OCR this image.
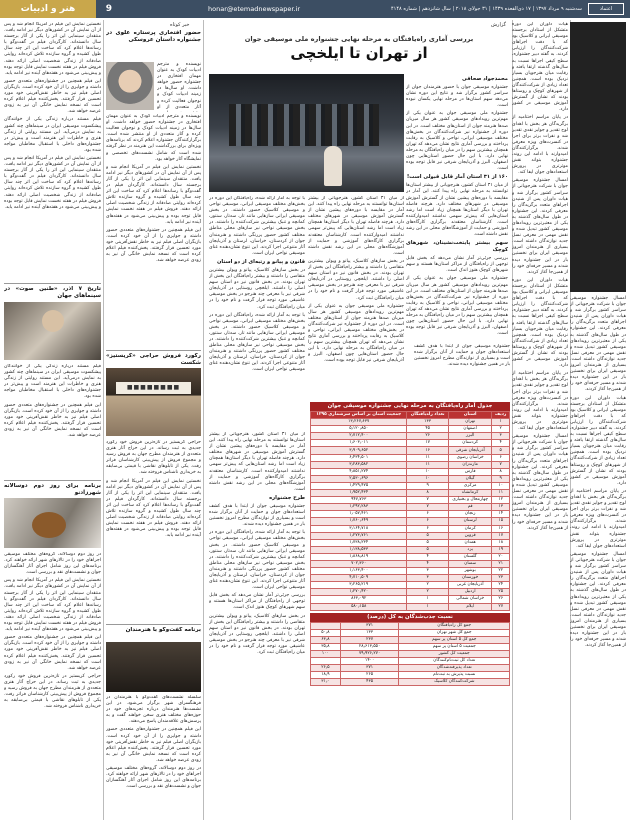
هنر و ادبیات	9	honar@etemadnewspaper.ir	سه‌شنبه ۹ مرداد ۱۳۹۷ | ۱۷ ذی‌القعده ۱۴۳۹ | ۳۱ جولای ۲۰۱۸ | سال شانزدهم | شماره ۴۱۴۸	اعتماد
امسال جشنواره موسیقی جوان با شرکت هنرجویانی از سراسر کشور برگزار شد و هیات داوران پس از شنیدن اجراهای متعدد برگزیدگان را معرفی کردند. این جشنواره در طول سال‌های گذشته به یکی از معتبرترین رویدادهای موسیقی کشور تبدیل شده و نقش مهمی در معرفی نسل جدید نوازندگان داشته است. بسیاری از هنرمندان امروز موسیقی ایران برای نخستین بار در این جشنواره دیده شدند و مسیر حرفه‌ای خود را از همین‌جا آغاز کردند.
هیات داوران این دوره متشکل از استادان برجسته موسیقی ایرانی و کلاسیک بود که با دقت اجراهای شرکت‌کنندگان را ارزیابی کردند. به گفته دبیر جشنواره، سطح کیفی اجراها نسبت به سال‌های گذشته ارتقا یافته و رقابت میان هنرجویان بسیار نزدیک بوده است. همچنین تعداد زیادی از شرکت‌کنندگان از شهرهای کوچک و روستاها بودند که نشان از گسترش آموزش موسیقی در کشور دارد.
در پایان مراسم اختتامیه از برگزیدگان هر بخش با اهدای لوح تقدیر و جوایز نقدی تقدیر شد و نفرات برتر برای اجرا در کنسرت‌های ویژه معرفی شدند. برگزارکنندگان امیدوارند با ادامه این روند، جشنواره بتواند نقش موثرتری در پرورش استعدادهای جوان ایفا کند.
امسال جشنواره موسیقی جوان با شرکت هنرجویانی از سراسر کشور برگزار شد و هیات داوران پس از شنیدن اجراهای متعدد برگزیدگان را معرفی کردند. این جشنواره در طول سال‌های گذشته به یکی از معتبرترین رویدادهای موسیقی کشور تبدیل شده و نقش مهمی در معرفی نسل جدید نوازندگان داشته است. بسیاری از هنرمندان امروز موسیقی ایران برای نخستین بار در این جشنواره دیده شدند و مسیر حرفه‌ای خود را از همین‌جا آغاز کردند.
هیات داوران این دوره متشکل از استادان برجسته موسیقی ایرانی و کلاسیک بود که با دقت اجراهای شرکت‌کنندگان را ارزیابی کردند. به گفته دبیر جشنواره، سطح کیفی اجراها نسبت به سال‌های گذشته ارتقا یافته و رقابت میان هنرجویان بسیار نزدیک بوده است. همچنین تعداد زیادی از شرکت‌کنندگان از شهرهای کوچک و روستاها بودند که نشان از گسترش آموزش موسیقی در کشور دارد.
در پایان مراسم اختتامیه از برگزیدگان هر بخش با اهدای لوح تقدیر و جوایز نقدی تقدیر شد و نفرات برتر برای اجرا در کنسرت‌های ویژه معرفی شدند. برگزارکنندگان امیدوارند با ادامه این روند، جشنواره بتواند نقش موثرتری در پرورش استعدادهای جوان ایفا کند.
امسال جشنواره موسیقی جوان با شرکت هنرجویانی از سراسر کشور برگزار شد و هیات داوران پس از شنیدن اجراهای متعدد برگزیدگان را معرفی کردند. این جشنواره در طول سال‌های گذشته به یکی از معتبرترین رویدادهای موسیقی کشور تبدیل شده و نقش مهمی در معرفی نسل جدید نوازندگان داشته است. بسیاری از هنرمندان امروز موسیقی ایران برای نخستین بار در این جشنواره دیده شدند و مسیر حرفه‌ای خود را از همین‌جا آغاز کردند.
هیات داوران این دوره متشکل از استادان برجسته موسیقی ایرانی و کلاسیک بود که با دقت اجراهای شرکت‌کنندگان را ارزیابی کردند. به گفته دبیر جشنواره، سطح کیفی اجراها نسبت به سال‌های گذشته ارتقا یافته و رقابت میان هنرجویان بسیار نزدیک بوده است. همچنین تعداد زیادی از شرکت‌کنندگان از شهرهای کوچک و روستاها بودند که نشان از گسترش آموزش موسیقی در کشور دارد.
در پایان مراسم اختتامیه از برگزیدگان هر بخش با اهدای لوح تقدیر و جوایز نقدی تقدیر شد و نفرات برتر برای اجرا در کنسرت‌های ویژه معرفی شدند. برگزارکنندگان امیدوارند با ادامه این روند، جشنواره بتواند نقش موثرتری در پرورش استعدادهای جوان ایفا کند.
امسال جشنواره موسیقی جوان با شرکت هنرجویانی از سراسر کشور برگزار شد و هیات داوران پس از شنیدن اجراهای متعدد برگزیدگان را معرفی کردند. این جشنواره در طول سال‌های گذشته به یکی از معتبرترین رویدادهای موسیقی کشور تبدیل شده و نقش مهمی در معرفی نسل جدید نوازندگان داشته است. بسیاری از هنرمندان امروز موسیقی ایران برای نخستین بار در این جشنواره دیده شدند و مسیر حرفه‌ای خود را از همین‌جا آغاز کردند.
گزارش
بررسی آماری راه‌یافتگان به مرحله نهایی جشنواره ملی موسیقی جوان
از تهران تا ایلخچی
محمدجواد صحافی
جشنواره موسیقی جوان با حضور هنرمندان جوان از سراسر کشور برگزار شد و نتایج این دوره نشان می‌دهد سهم استان‌ها در مرحله نهایی یکسان نبوده است.
جشنواره ملی موسیقی جوان به عنوان یکی از مهم‌ترین رویدادهای موسیقی کشور هر سال میزبان صدها هنرمند جوان از استان‌های مختلف است. در این دوره از جشنواره نیز شرکت‌کنندگان در بخش‌های مختلف موسیقی ایرانی، نواحی و کلاسیک به رقابت پرداختند و بررسی آماری نتایج نشان می‌دهد که تهران همچنان بیشترین سهم را در میان راه‌یافتگان به مرحله نهایی دارد. با این حال حضور استان‌هایی چون اصفهان، البرز و آذربایجان شرقی نیز قابل توجه بوده است.
۱۶۰ از ۳۱ استان آمار قابل قبولی است!
از میان ۳۱ استان کشور، هنرجویانی از بیشتر استان‌ها توانستند به مرحله نهایی راه پیدا کنند. این آمار در مقایسه با دوره‌های پیشین نشان از گسترش آموزش موسیقی در شهرهای مختلف دارد. هرچند فاصله تهران با دیگر استان‌ها همچنان زیاد است اما رشد استان‌هایی که پیش‌تر سهمی نداشتند امیدوارکننده است. کارشناسان معتقدند برگزاری کارگاه‌های آموزشی و حمایت از آموزشگاه‌های محلی در این رشد نقش داشته است.
سهم بیشتر پایتخت‌نشینان، شهرهای کوچک
بررسی جزئی‌تر آمار نشان می‌دهد که بخش قابل توجهی از راه‌یافتگان از مراکز استان‌ها هستند و سهم شهرهای کوچک هنوز اندک است.
جشنواره ملی موسیقی جوان به عنوان یکی از مهم‌ترین رویدادهای موسیقی کشور هر سال میزبان صدها هنرمند جوان از استان‌های مختلف است. در این دوره از جشنواره نیز شرکت‌کنندگان در بخش‌های مختلف موسیقی ایرانی، نواحی و کلاسیک به رقابت پرداختند و بررسی آماری نتایج نشان می‌دهد که تهران همچنان بیشترین سهم را در میان راه‌یافتگان به مرحله نهایی دارد. با این حال حضور استان‌هایی چون اصفهان، البرز و آذربایجان شرقی نیز قابل توجه بوده است.
با توجه به آمار ارائه شده، راه‌یافتگان این دوره در بخش‌های مختلف موسیقی ایرانی، موسیقی نواحی و موسیقی کلاسیک حضور داشتند. در بخش موسیقی ایرانی سازهایی مانند تار، سه‌تار، سنتور، کمانچه و تنبک بیشترین شرکت‌کننده را داشتند. در بخش موسیقی نواحی نیز سازهای محلی مناطق مختلف کشور حضور پررنگی داشتند و هنرمندان جوان از کردستان، خراسان، لرستان و آذربایجان آثار متنوعی اجرا کردند. این تنوع نشان‌دهنده غنای موسیقی نواحی ایران است.
قانون و پیانو و رتبه‌ای از دو استان
در بخش سازهای کلاسیک، پیانو و ویولن بیشترین متقاضی را داشتند و بیشتر راه‌یافتگان این بخش از تهران بودند. در بخش قانون نیز دو استان سهم اصلی را داشتند. ایلخچی روستایی در آذربایجان شرقی نیز با معرفی چند هنرجو در بخش موسیقی عاشیقی مورد توجه قرار گرفت و نام خود را در میان راه‌یافتگان ثبت کرد.
با توجه به آمار ارائه شده، راه‌یافتگان این دوره در بخش‌های مختلف موسیقی ایرانی، موسیقی نواحی و موسیقی کلاسیک حضور داشتند. در بخش موسیقی ایرانی سازهایی مانند تار، سه‌تار، سنتور، کمانچه و تنبک بیشترین شرکت‌کننده را داشتند. در بخش موسیقی نواحی نیز سازهای محلی مناطق مختلف کشور حضور پررنگی داشتند و هنرمندان جوان از کردستان، خراسان، لرستان و آذربایجان آثار متنوعی اجرا کردند. این تنوع نشان‌دهنده غنای موسیقی نواحی ایران است.
از میان ۳۱ استان کشور، هنرجویانی از بیشتر استان‌ها توانستند به مرحله نهایی راه پیدا کنند. این آمار در مقایسه با دوره‌های پیشین نشان از گسترش آموزش موسیقی در شهرهای مختلف دارد. هرچند فاصله تهران با دیگر استان‌ها همچنان زیاد است اما رشد استان‌هایی که پیش‌تر سهمی نداشتند امیدوارکننده است. کارشناسان معتقدند برگزاری کارگاه‌های آموزشی و حمایت از آموزشگاه‌های محلی در این رشد نقش داشته است.
در بخش سازهای کلاسیک، پیانو و ویولن بیشترین متقاضی را داشتند و بیشتر راه‌یافتگان این بخش از تهران بودند. در بخش قانون نیز دو استان سهم اصلی را داشتند. ایلخچی روستایی در آذربایجان شرقی نیز با معرفی چند هنرجو در بخش موسیقی عاشیقی مورد توجه قرار گرفت و نام خود را در میان راه‌یافتگان ثبت کرد.
جشنواره ملی موسیقی جوان به عنوان یکی از مهم‌ترین رویدادهای موسیقی کشور هر سال میزبان صدها هنرمند جوان از استان‌های مختلف است. در این دوره از جشنواره نیز شرکت‌کنندگان در بخش‌های مختلف موسیقی ایرانی، نواحی و کلاسیک به رقابت پرداختند و بررسی آماری نتایج نشان می‌دهد که تهران همچنان بیشترین سهم را در میان راه‌یافتگان به مرحله نهایی دارد. با این حال حضور استان‌هایی چون اصفهان، البرز و آذربایجان شرقی نیز قابل توجه بوده است.
جشنواره موسیقی جوان از ابتدا با هدف کشف استعدادهای جوان و حمایت از آنان برگزار شده است و بسیاری از نوازندگان مطرح امروز نخستین بار در همین جشنواره دیده شدند.
جدول آمار راه‌یافتگان به مرحله نهایی جشنواره موسیقی جوان
ردیف	استان	تعداد راه‌یافتگان	جمعیت استان بر اساس سرشماری ۱۳۹۵
۱	تهران	۱۳۳	۱۳٫۲۶۷٫۶۳۷
۲	اصفهان	۴۵	۵٫۱۲۰٫۸۵۰
۳	البرز	۲۶	۲٫۷۱۲٫۴۰۰
۴	کردستان	۱۷	۱٫۶۰۳٫۰۱۱
۵	آذربایجان شرقی	۱۶	۳٫۹۰۹٫۶۵۲
۶	خراسان رضوی	۱۱	۶٫۴۳۴٫۵۰۱
۷	مازندران	۱۱	۳٫۲۸۳٫۵۸۲
۸	فارس	۱۰	۴٫۸۵۱٫۲۷۴
۹	گیلان	۱۰	۲٫۵۳۰٫۶۹۶
۱۰	مرکزی	۹	۱٫۴۲۹٫۴۷۵
۱۱	کرمانشاه	۸	۱٫۹۵۲٫۴۳۴
۱۲	چهارمحال و بختیاری	۷	۹۴۷٫۷۶۳
۱۳	قم	۷	۱٫۲۹۲٫۲۸۳
۱۴	زنجان	۶	۱٫۰۵۷٫۴۶۱
۱۵	لرستان	۶	۱٫۷۶۰٫۶۴۹
۱۶	کرمان	۶	۳٫۱۶۴٫۷۱۸
۱۷	قزوین	۵	۱٫۲۷۳٫۷۶۱
۱۸	همدان	۵	۱٫۷۳۸٫۲۳۴
۱۹	یزد	۵	۱٫۱۳۸٫۵۳۳
۲۰	گلستان	۴	۱٫۸۶۸٫۸۱۹
۲۱	سمنان	۴	۷۰۲٫۳۶۰
۲۲	بوشهر	۳	۱٫۱۶۳٫۴۰۰
۲۳	خوزستان	۳	۴٫۷۱۰٫۵۰۹
۲۴	آذربایجان غربی	۲	۳٫۲۶۵٫۲۱۹
۲۵	اردبیل	۲	۱٫۲۷۰٫۴۲۰
۲۶	خراسان شمالی	۱	۸۶۳٫۰۹۲
۲۷	ایلام	۱	۵۸۰٫۱۵۸
نسبت جذب‌شدگان به کل (درصد)
جمع کل راه‌یافتگان	۳۷۱	
جمع کل شهر تهران	۱۳۳	۵۰٫۸
جمع کل ۵ استان پر سهم	۲۳۷	۶۳٫۸
جمعیت ۵ استان پر سهم	۲۸٫۶۱۳٫۵۵۰	۳۵٫۸
جمعیت کل کشور	۷۹٫۹۲۶٫۲۷۰	۱۰۰
تعداد کل ثبت‌نام‌کنندگان	۱۴۰۰	
تعداد پذیرفته‌شدگان	۳۷۱	۲۶٫۵
نسبت پذیرش به ثبت‌نام	۲۶۵	۱۸٫۹
شرکت‌کنندگان کلاسیک	۴۳۵	۳۱٫۰
از میان ۳۱ استان کشور، هنرجویانی از بیشتر استان‌ها توانستند به مرحله نهایی راه پیدا کنند. این آمار در مقایسه با دوره‌های پیشین نشان از گسترش آموزش موسیقی در شهرهای مختلف دارد. هرچند فاصله تهران با دیگر استان‌ها همچنان زیاد است اما رشد استان‌هایی که پیش‌تر سهمی نداشتند امیدوارکننده است. کارشناسان معتقدند برگزاری کارگاه‌های آموزشی و حمایت از آموزشگاه‌های محلی در این رشد نقش داشته است.
طرح جشنواره
جشنواره موسیقی جوان از ابتدا با هدف کشف استعدادهای جوان و حمایت از آنان برگزار شده است و بسیاری از نوازندگان مطرح امروز نخستین بار در همین جشنواره دیده شدند.
با توجه به آمار ارائه شده، راه‌یافتگان این دوره در بخش‌های مختلف موسیقی ایرانی، موسیقی نواحی و موسیقی کلاسیک حضور داشتند. در بخش موسیقی ایرانی سازهایی مانند تار، سه‌تار، سنتور، کمانچه و تنبک بیشترین شرکت‌کننده را داشتند. در بخش موسیقی نواحی نیز سازهای محلی مناطق مختلف کشور حضور پررنگی داشتند و هنرمندان جوان از کردستان، خراسان، لرستان و آذربایجان آثار متنوعی اجرا کردند. این تنوع نشان‌دهنده غنای موسیقی نواحی ایران است.
بررسی جزئی‌تر آمار نشان می‌دهد که بخش قابل توجهی از راه‌یافتگان از مراکز استان‌ها هستند و سهم شهرهای کوچک هنوز اندک است.
در بخش سازهای کلاسیک، پیانو و ویولن بیشترین متقاضی را داشتند و بیشتر راه‌یافتگان این بخش از تهران بودند. در بخش قانون نیز دو استان سهم اصلی را داشتند. ایلخچی روستایی در آذربایجان شرقی نیز با معرفی چند هنرجو در بخش موسیقی عاشیقی مورد توجه قرار گرفت و نام خود را در میان راه‌یافتگان ثبت کرد.
خبر کوتاه
حضور افتخاری پرستاره علوی در جشنواره داستان عروسکی
نویسنده و مترجم ادبیات کودک به عنوان مهمان افتخاری در جشنواره حضور خواهد داشت. او سال‌ها در زمینه ادبیات کودک و نوجوان فعالیت کرده و آثار متعددی از او
نویسنده و مترجم ادبیات کودک به عنوان مهمان افتخاری در جشنواره حضور خواهد داشت. او سال‌ها در زمینه ادبیات کودک و نوجوان فعالیت کرده و آثار متعددی از او منتشر شده است. برگزارکنندگان جشنواره اعلام کردند که برنامه‌های ویژه‌ای برای بزرگداشت این هنرمند در نظر گرفته شده است که شامل نشست‌های تخصصی و نمایشگاه آثار خواهد بود.
نخستین نمایش این فیلم در آمریکا انجام شد و پس از آن نمایش آن در کشورهای دیگر نیز ادامه یافت. منتقدان سینمایی این اثر را یکی از آثار برجسته سال دانسته‌اند. کارگردان فیلم در گفت‌وگو با رسانه‌ها اعلام کرد که ساخت این اثر چند سال طول کشیده و گروه سازنده تلاش کرده‌اند روایتی صادقانه از زندگی شخصیت اصلی ارائه دهند. فروش فیلم در هفته نخست نمایش قابل توجه بوده و پیش‌بینی می‌شود در هفته‌های آینده نیز ادامه یابد.
این فیلم همچنین در جشنواره‌های متعددی حضور داشته و جوایزی را از آن خود کرده است. بازیگران اصلی فیلم نیز به خاطر نقش‌آفرینی خود مورد تحسین قرار گرفتند. پخش‌کننده فیلم اعلام کرده است که نسخه نمایش خانگی آن نیز به زودی عرضه خواهد شد.
رکورد فروش حراجی «کریستیز» شکست
■■■■■■■■
حراجی کریستیز در تازه‌ترین فروش خود رکورد جدیدی به ثبت رساند. در این حراج آثار هنری متعددی از هنرمندان مطرح جهان به فروش رسید و مجموع فروش از پیش‌بینی کارشناسان فراتر رفت. یکی از تابلوهای نقاشی با قیمتی بی‌سابقه به خریداری ناشناس فروخته شد.
نخستین نمایش این فیلم در آمریکا انجام شد و پس از آن نمایش آن در کشورهای دیگر نیز ادامه یافت. منتقدان سینمایی این اثر را یکی از آثار برجسته سال دانسته‌اند. کارگردان فیلم در گفت‌وگو با رسانه‌ها اعلام کرد که ساخت این اثر چند سال طول کشیده و گروه سازنده تلاش کرده‌اند روایتی صادقانه از زندگی شخصیت اصلی ارائه دهند. فروش فیلم در هفته نخست نمایش قابل توجه بوده و پیش‌بینی می‌شود در هفته‌های آینده نیز ادامه یابد.
برنامه گفت‌وگو با هنرمندان
سلسله نشست‌های گفت‌وگو با هنرمندان در فرهنگسرای شهر برگزار می‌شود. در این نشست‌ها هنرمندان درباره تجربه‌های خود در حوزه‌های مختلف هنری سخن خواهند گفت و به پرسش‌های علاقه‌مندان پاسخ می‌دهند.
این فیلم همچنین در جشنواره‌های متعددی حضور داشته و جوایزی را از آن خود کرده است. بازیگران اصلی فیلم نیز به خاطر نقش‌آفرینی خود مورد تحسین قرار گرفتند. پخش‌کننده فیلم اعلام کرده است که نسخه نمایش خانگی آن نیز به زودی عرضه خواهد شد.
در روز دوم دوسالانه، گروه‌های مختلف موسیقی اجراهای خود را در تالارهای شهر ارائه خواهند کرد. برنامه‌های این روز شامل اجرای آثار آهنگسازان جوان و نشست‌های نقد و بررسی است.
نخستین نمایش این فیلم در آمریکا انجام شد و پس از آن نمایش آن در کشورهای دیگر نیز ادامه یافت. منتقدان سینمایی این اثر را یکی از آثار برجسته سال دانسته‌اند. کارگردان فیلم در گفت‌وگو با رسانه‌ها اعلام کرد که ساخت این اثر چند سال طول کشیده و گروه سازنده تلاش کرده‌اند روایتی صادقانه از زندگی شخصیت اصلی ارائه دهند. فروش فیلم در هفته نخست نمایش قابل توجه بوده و پیش‌بینی می‌شود در هفته‌های آینده نیز ادامه یابد.
این فیلم همچنین در جشنواره‌های متعددی حضور داشته و جوایزی را از آن خود کرده است. بازیگران اصلی فیلم نیز به خاطر نقش‌آفرینی خود مورد تحسین قرار گرفتند. پخش‌کننده فیلم اعلام کرده است که نسخه نمایش خانگی آن نیز به زودی عرضه خواهد شد.
فیلم مستند درباره زندگی یکی از خوانندگان پیشکسوت موسیقی ایران در سینماهای چند کشور به نمایش درمی‌آید. این مستند روایتی از زندگی هنری و خاطرات این هنرمند است و پیش‌تر در جشنواره‌های داخلی با استقبال مخاطبان مواجه شده بود.
نخستین نمایش این فیلم در آمریکا انجام شد و پس از آن نمایش آن در کشورهای دیگر نیز ادامه یافت. منتقدان سینمایی این اثر را یکی از آثار برجسته سال دانسته‌اند. کارگردان فیلم در گفت‌وگو با رسانه‌ها اعلام کرد که ساخت این اثر چند سال طول کشیده و گروه سازنده تلاش کرده‌اند روایتی صادقانه از زندگی شخصیت اصلی ارائه دهند. فروش فیلم در هفته نخست نمایش قابل توجه بوده و پیش‌بینی می‌شود در هفته‌های آینده نیز ادامه یابد.
تاریخ ۷ آذر، «طنین صوت» در سینماهای جهان
فیلم مستند درباره زندگی یکی از خوانندگان پیشکسوت موسیقی ایران در سینماهای چند کشور به نمایش درمی‌آید. این مستند روایتی از زندگی هنری و خاطرات این هنرمند است و پیش‌تر در جشنواره‌های داخلی با استقبال مخاطبان مواجه شده بود.
این فیلم همچنین در جشنواره‌های متعددی حضور داشته و جوایزی را از آن خود کرده است. بازیگران اصلی فیلم نیز به خاطر نقش‌آفرینی خود مورد تحسین قرار گرفتند. پخش‌کننده فیلم اعلام کرده است که نسخه نمایش خانگی آن نیز به زودی عرضه خواهد شد.
برنامه برای روز دوم دوسالانه شهرزادنو
در روز دوم دوسالانه، گروه‌های مختلف موسیقی اجراهای خود را در تالارهای شهر ارائه خواهند کرد. برنامه‌های این روز شامل اجرای آثار آهنگسازان جوان و نشست‌های نقد و بررسی است.
نخستین نمایش این فیلم در آمریکا انجام شد و پس از آن نمایش آن در کشورهای دیگر نیز ادامه یافت. منتقدان سینمایی این اثر را یکی از آثار برجسته سال دانسته‌اند. کارگردان فیلم در گفت‌وگو با رسانه‌ها اعلام کرد که ساخت این اثر چند سال طول کشیده و گروه سازنده تلاش کرده‌اند روایتی صادقانه از زندگی شخصیت اصلی ارائه دهند. فروش فیلم در هفته نخست نمایش قابل توجه بوده و پیش‌بینی می‌شود در هفته‌های آینده نیز ادامه یابد.
این فیلم همچنین در جشنواره‌های متعددی حضور داشته و جوایزی را از آن خود کرده است. بازیگران اصلی فیلم نیز به خاطر نقش‌آفرینی خود مورد تحسین قرار گرفتند. پخش‌کننده فیلم اعلام کرده است که نسخه نمایش خانگی آن نیز به زودی عرضه خواهد شد.
حراجی کریستیز در تازه‌ترین فروش خود رکورد جدیدی به ثبت رساند. در این حراج آثار هنری متعددی از هنرمندان مطرح جهان به فروش رسید و مجموع فروش از پیش‌بینی کارشناسان فراتر رفت. یکی از تابلوهای نقاشی با قیمتی بی‌سابقه به خریداری ناشناس فروخته شد.
